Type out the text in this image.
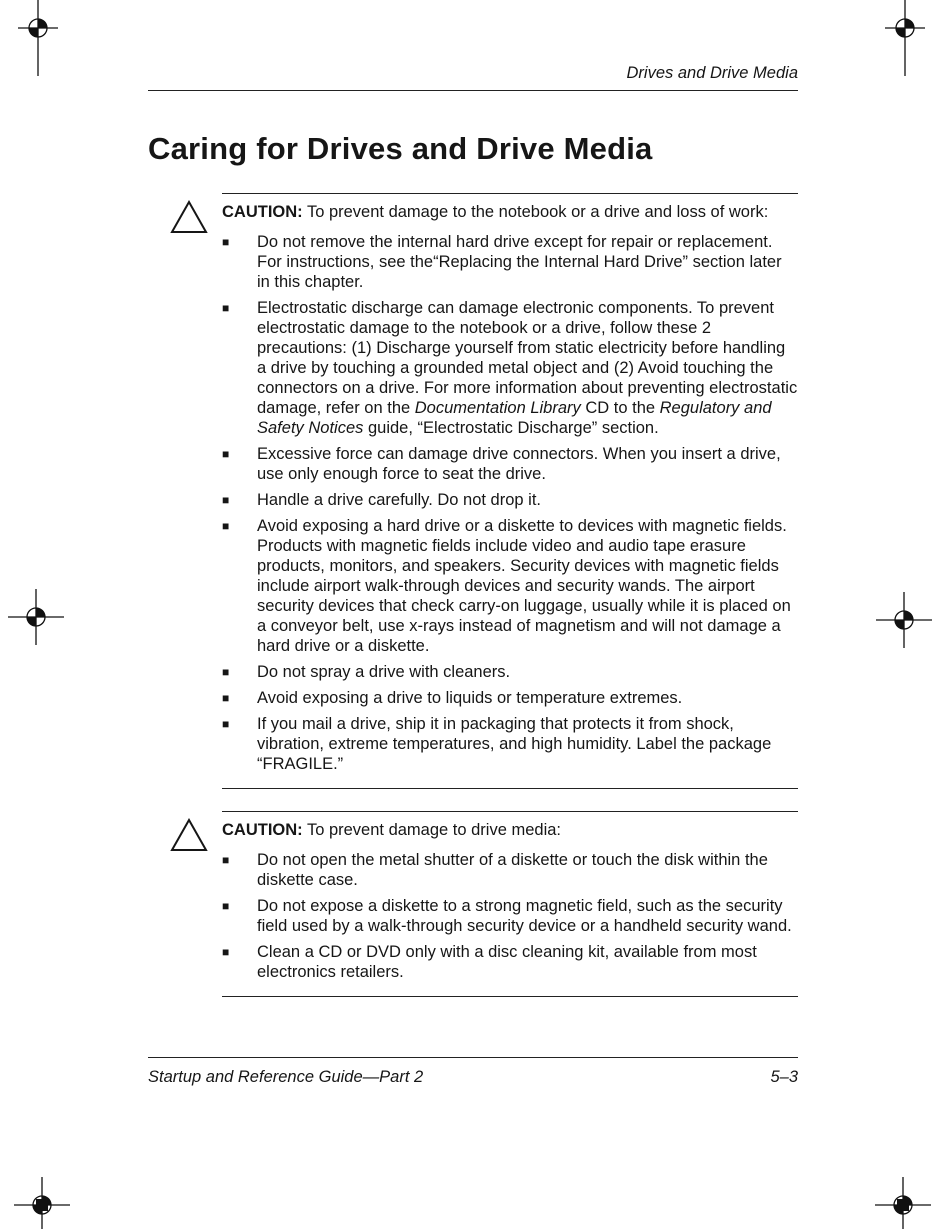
Drives and Drive Media
Caring for Drives and Drive Media

CAUTION: To prevent damage to the notebook or a drive and loss of work:

■	Do not remove the internal hard drive except for repair or replacement. For instructions, see the“Replacing the Internal Hard Drive” section later in this chapter.
■	Electrostatic discharge can damage electronic components. To prevent electrostatic damage to the notebook or a drive, follow these 2 precautions: (1) Discharge yourself from static electricity before handling a drive by touching a grounded metal object and (2) Avoid touching the connectors on a drive. For more information about preventing electrostatic damage, refer on the Documentation Library CD to the Regulatory and Safety Notices guide, “Electrostatic Discharge” section.
■	Excessive force can damage drive connectors. When you insert a drive, use only enough force to seat the drive.
■	Handle a drive carefully. Do not drop it.
■	Avoid exposing a hard drive or a diskette to devices with magnetic fields. Products with magnetic fields include video and audio tape erasure products, monitors, and speakers. Security devices with magnetic fields include airport walk-through devices and security wands. The airport security devices that check carry-on luggage, usually while it is placed on a conveyor belt, use x-rays instead of magnetism and will not damage a hard drive or a diskette.
■	Do not spray a drive with cleaners.
■	Avoid exposing a drive to liquids or temperature extremes.
■	If you mail a drive, ship it in packaging that protects it from shock, vibration, extreme temperatures, and high humidity. Label the package “FRAGILE.”

CAUTION: To prevent damage to drive media:

■	Do not open the metal shutter of a diskette or touch the disk within the diskette case.
■	Do not expose a diskette to a strong magnetic field, such as the security field used by a walk-through security device or a handheld security wand.
■	Clean a CD or DVD only with a disc cleaning kit, available from most electronics retailers.
Startup and Reference Guide—Part 2	5–3
